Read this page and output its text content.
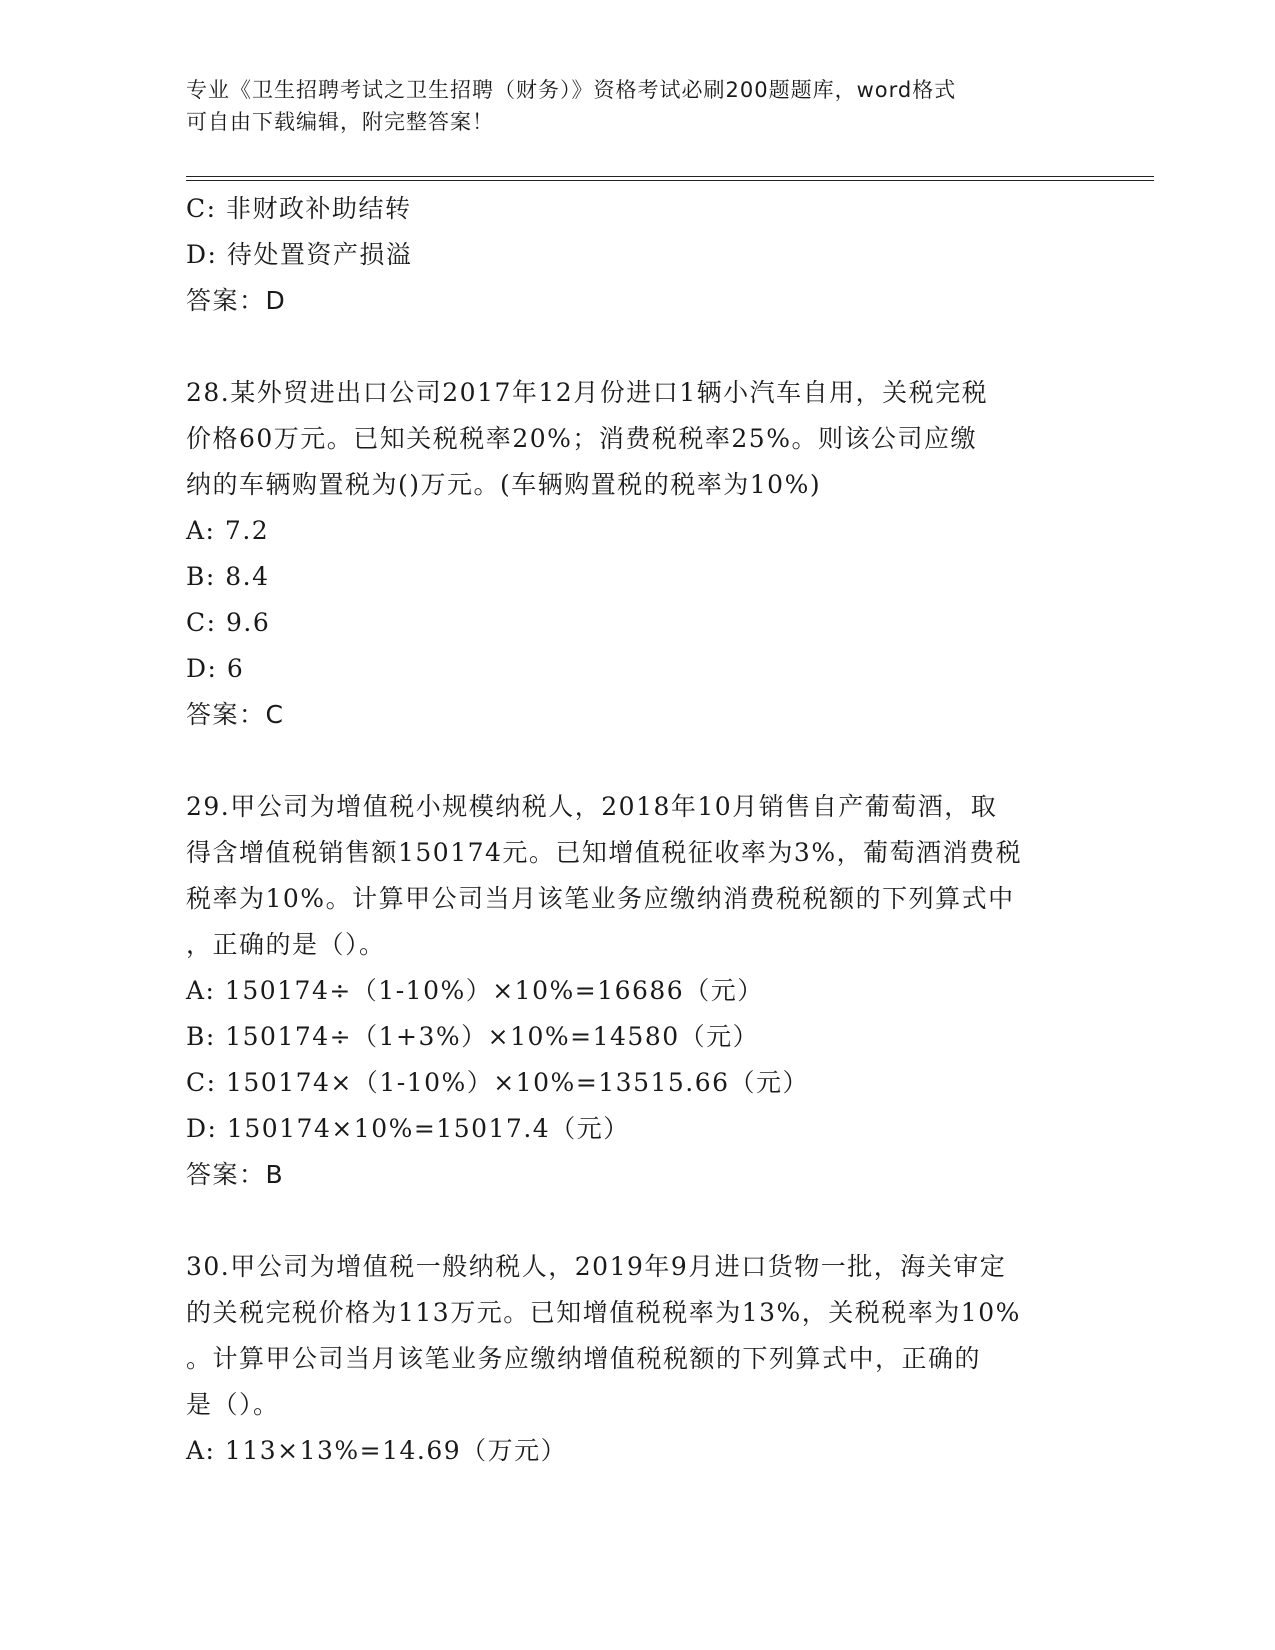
专业《卫生招聘考试之卫生招聘（财务）》资格考试必刷200题题库，word格式
可自由下载编辑，附完整答案！
C: 非财政补助结转
D: 待处置资产损溢
答案：D
28.某外贸进出口公司2017年12月份进口1辆小汽车自用，关税完税
价格60万元。已知关税税率20%；消费税税率25%。则该公司应缴
纳的车辆购置税为()万元。(车辆购置税的税率为10%)
A: 7.2
B: 8.4
C: 9.6
D: 6
答案：C
29.甲公司为增值税小规模纳税人，2018年10月销售自产葡萄酒，取
得含增值税销售额150174元。已知增值税征收率为3%，葡萄酒消费税
税率为10%。计算甲公司当月该笔业务应缴纳消费税税额的下列算式中
，正确的是（）。
A: 150174÷（1-10%）×10%=16686（元）
B: 150174÷（1+3%）×10%=14580（元）
C: 150174×（1-10%）×10%=13515.66（元）
D: 150174×10%=15017.4（元）
答案：B
30.甲公司为增值税一般纳税人，2019年9月进口货物一批，海关审定
的关税完税价格为113万元。已知增值税税率为13%，关税税率为10%
。计算甲公司当月该笔业务应缴纳增值税税额的下列算式中，正确的
是（）。
A: 113×13%=14.69（万元）
